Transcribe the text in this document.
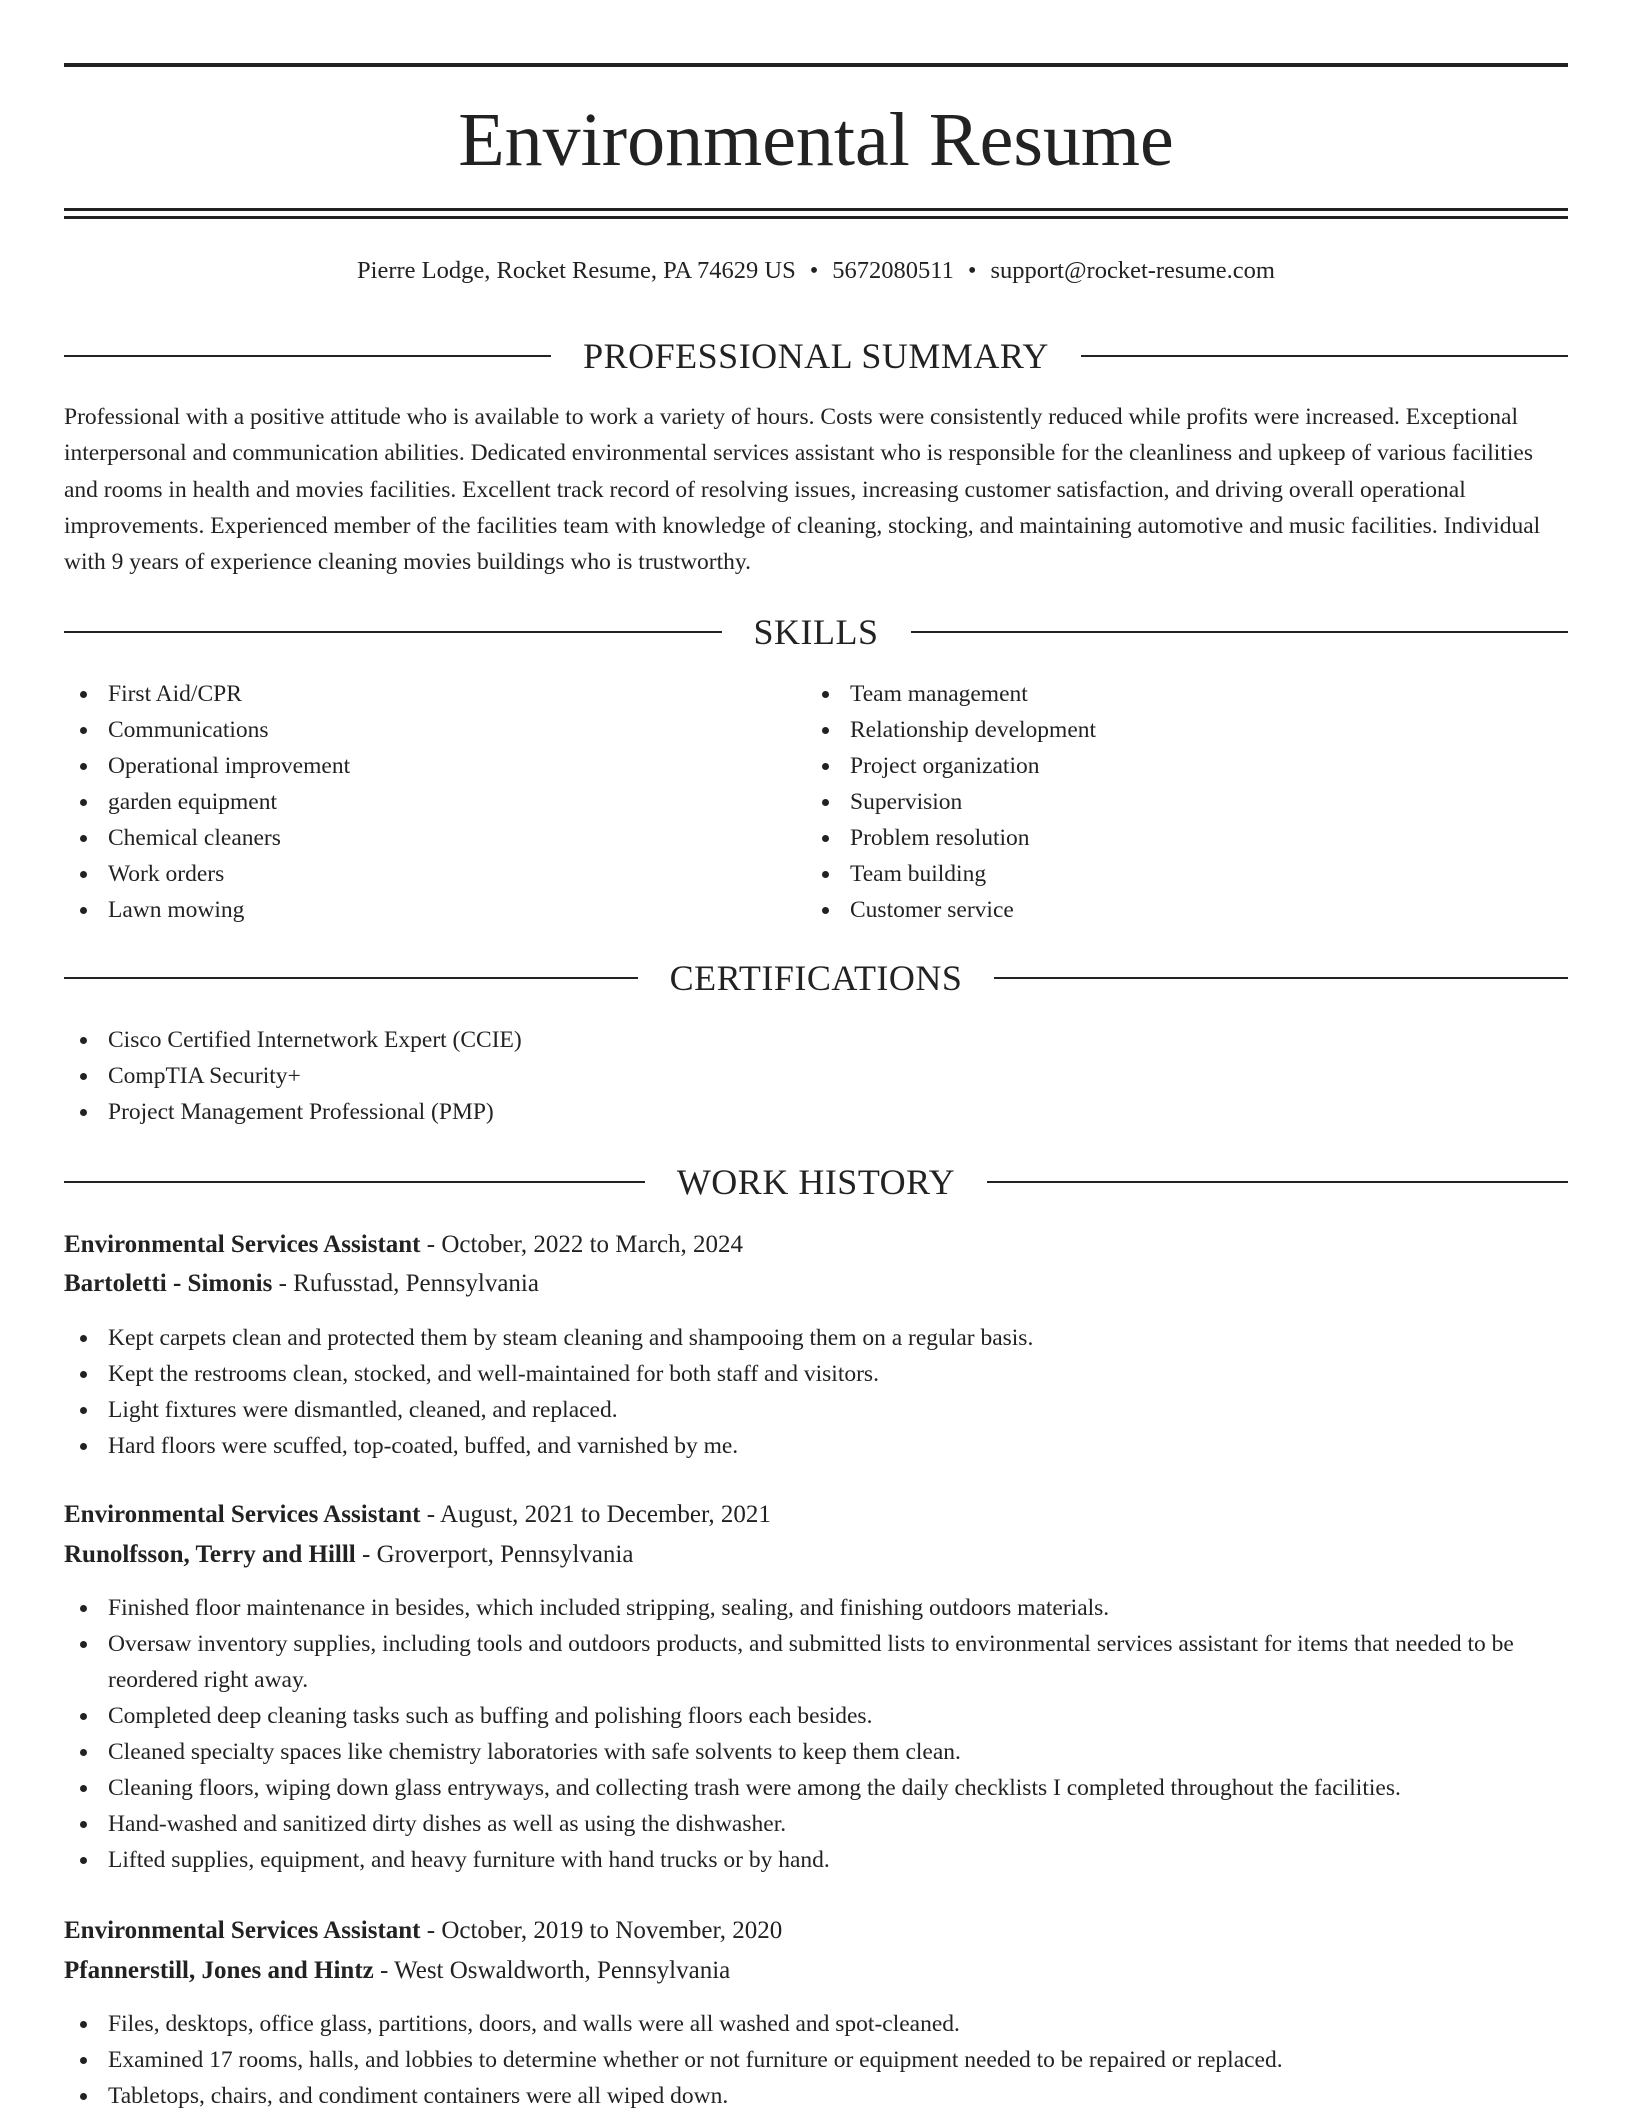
Environmental Resume
Pierre Lodge, Rocket Resume, PA 74629 US • 5672080511 • support@rocket-resume.com
PROFESSIONAL SUMMARY

Professional with a positive attitude who is available to work a variety of hours. Costs were consistently reduced while profits were increased. Exceptional interpersonal and communication abilities. Dedicated environmental services assistant who is responsible for the cleanliness and upkeep of various facilities and rooms in health and movies facilities. Excellent track record of resolving issues, increasing customer satisfaction, and driving overall operational improvements. Experienced member of the facilities team with knowledge of cleaning, stocking, and maintaining automotive and music facilities. Individual with 9 years of experience cleaning movies buildings who is trustworthy.

SKILLS
First Aid/CPR
Communications
Operational improvement
garden equipment
Chemical cleaners
Work orders
Lawn mowing
Team management
Relationship development
Project organization
Supervision
Problem resolution
Team building
Customer service
CERTIFICATIONS
Cisco Certified Internetwork Expert (CCIE)
CompTIA Security+
Project Management Professional (PMP)
WORK HISTORY
Environmental Services Assistant - October, 2022 to March, 2024
Bartoletti - Simonis - Rufusstad, Pennsylvania
Kept carpets clean and protected them by steam cleaning and shampooing them on a regular basis.
Kept the restrooms clean, stocked, and well-maintained for both staff and visitors.
Light fixtures were dismantled, cleaned, and replaced.
Hard floors were scuffed, top-coated, buffed, and varnished by me.
Environmental Services Assistant - August, 2021 to December, 2021
Runolfsson, Terry and Hilll - Groverport, Pennsylvania
Finished floor maintenance in besides, which included stripping, sealing, and finishing outdoors materials.
Oversaw inventory supplies, including tools and outdoors products, and submitted lists to environmental services assistant for items that needed to be reordered right away.
Completed deep cleaning tasks such as buffing and polishing floors each besides.
Cleaned specialty spaces like chemistry laboratories with safe solvents to keep them clean.
Cleaning floors, wiping down glass entryways, and collecting trash were among the daily checklists I completed throughout the facilities.
Hand-washed and sanitized dirty dishes as well as using the dishwasher.
Lifted supplies, equipment, and heavy furniture with hand trucks or by hand.
Environmental Services Assistant - October, 2019 to November, 2020
Pfannerstill, Jones and Hintz - West Oswaldworth, Pennsylvania
Files, desktops, office glass, partitions, doors, and walls were all washed and spot-cleaned.
Examined 17 rooms, halls, and lobbies to determine whether or not furniture or equipment needed to be repaired or replaced.
Tabletops, chairs, and condiment containers were all wiped down.
